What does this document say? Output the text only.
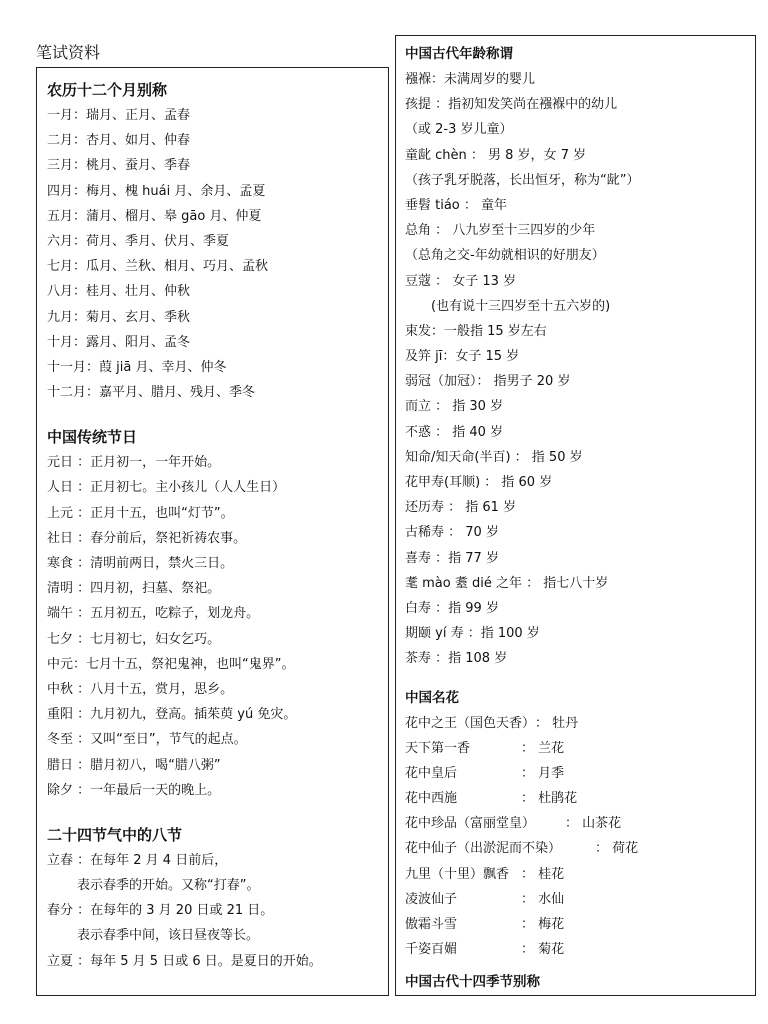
笔试资料
农历十二个月别称
一月：瑞月、正月、孟春
二月：杏月、如月、仲春
三月：桃月、蚕月、季春
四月：梅月、槐 huái 月、余月、孟夏
五月：蒲月、榴月、皋 gāo 月、仲夏
六月：荷月、季月、伏月、季夏
七月：瓜月、兰秋、相月、巧月、孟秋
八月：桂月、壮月、仲秋
九月：菊月、玄月、季秋
十月：露月、阳月、孟冬
十一月：葭 jiā 月、幸月、仲冬
十二月：嘉平月、腊月、残月、季冬
中国传统节日
元日 ：正月初一，一年开始。
人日 ：正月初七。主小孩儿（人人生日）
上元 ：正月十五，也叫“灯节”。
社日 ：春分前后，祭祀祈祷农事。
寒食 ：清明前两日，禁火三日。
清明 ：四月初，扫墓、祭祀。
端午 ：五月初五，吃粽子，划龙舟。
七夕 ：七月初七，妇女乞巧。
中元：七月十五，祭祀鬼神，也叫“鬼界”。
中秋 ：八月十五，赏月，思乡。
重阳 ：九月初九，登高。插茱萸 yú 免灾。
冬至 ：又叫“至日”，节气的起点。
腊日 ：腊月初八，喝“腊八粥”
除夕 ：一年最后一天的晚上。
二十四节气中的八节
立春 ：在每年 2 月 4 日前后，
表示春季的开始。又称“打春”。
春分 ：在每年的 3 月 20 日或 21 日。
表示春季中间，该日昼夜等长。
立夏 ：每年 5 月 5 日或 6 日。是夏日的开始。
中国古代年龄称谓
襁褓：未满周岁的婴儿
孩提 ：指初知发笑尚在襁褓中的幼儿
（或 2-3 岁儿童）
童龀 chèn ： 男 8 岁，女 7 岁
（孩子乳牙脱落，长出恒牙，称为“龀”）
垂髫 tiáo ： 童年
总角 ： 八九岁至十三四岁的少年
（总角之交-年幼就相识的好朋友）
豆蔻 ： 女子 13 岁
(也有说十三四岁至十五六岁的)
束发：一般指 15 岁左右
及笄 jī：女子 15 岁
弱冠（加冠）： 指男子 20 岁
而立 ： 指 30 岁
不惑 ： 指 40 岁
知命/知天命(半百) ： 指 50 岁
花甲寿(耳顺) ： 指 60 岁
还历寿 ： 指 61 岁
古稀寿 ： 70 岁
喜寿 ：指 77 岁
耄 mào 耋 dié 之年 ： 指七八十岁
白寿 ：指 99 岁
期颐 yí 寿 ：指 100 岁
茶寿 ：指 108 岁
中国名花
花中之王（国色天香）： 牡丹
天下第一香	： 兰花
花中皇后	： 月季
花中西施	： 杜鹃花
花中珍品（富丽堂皇） ： 山茶花
花中仙子（出淤泥而不染）	： 荷花
九里（十里）飘香 ： 桂花
凌波仙子	： 水仙
傲霜斗雪	： 梅花
千姿百媚	： 菊花
中国古代十四季节别称
